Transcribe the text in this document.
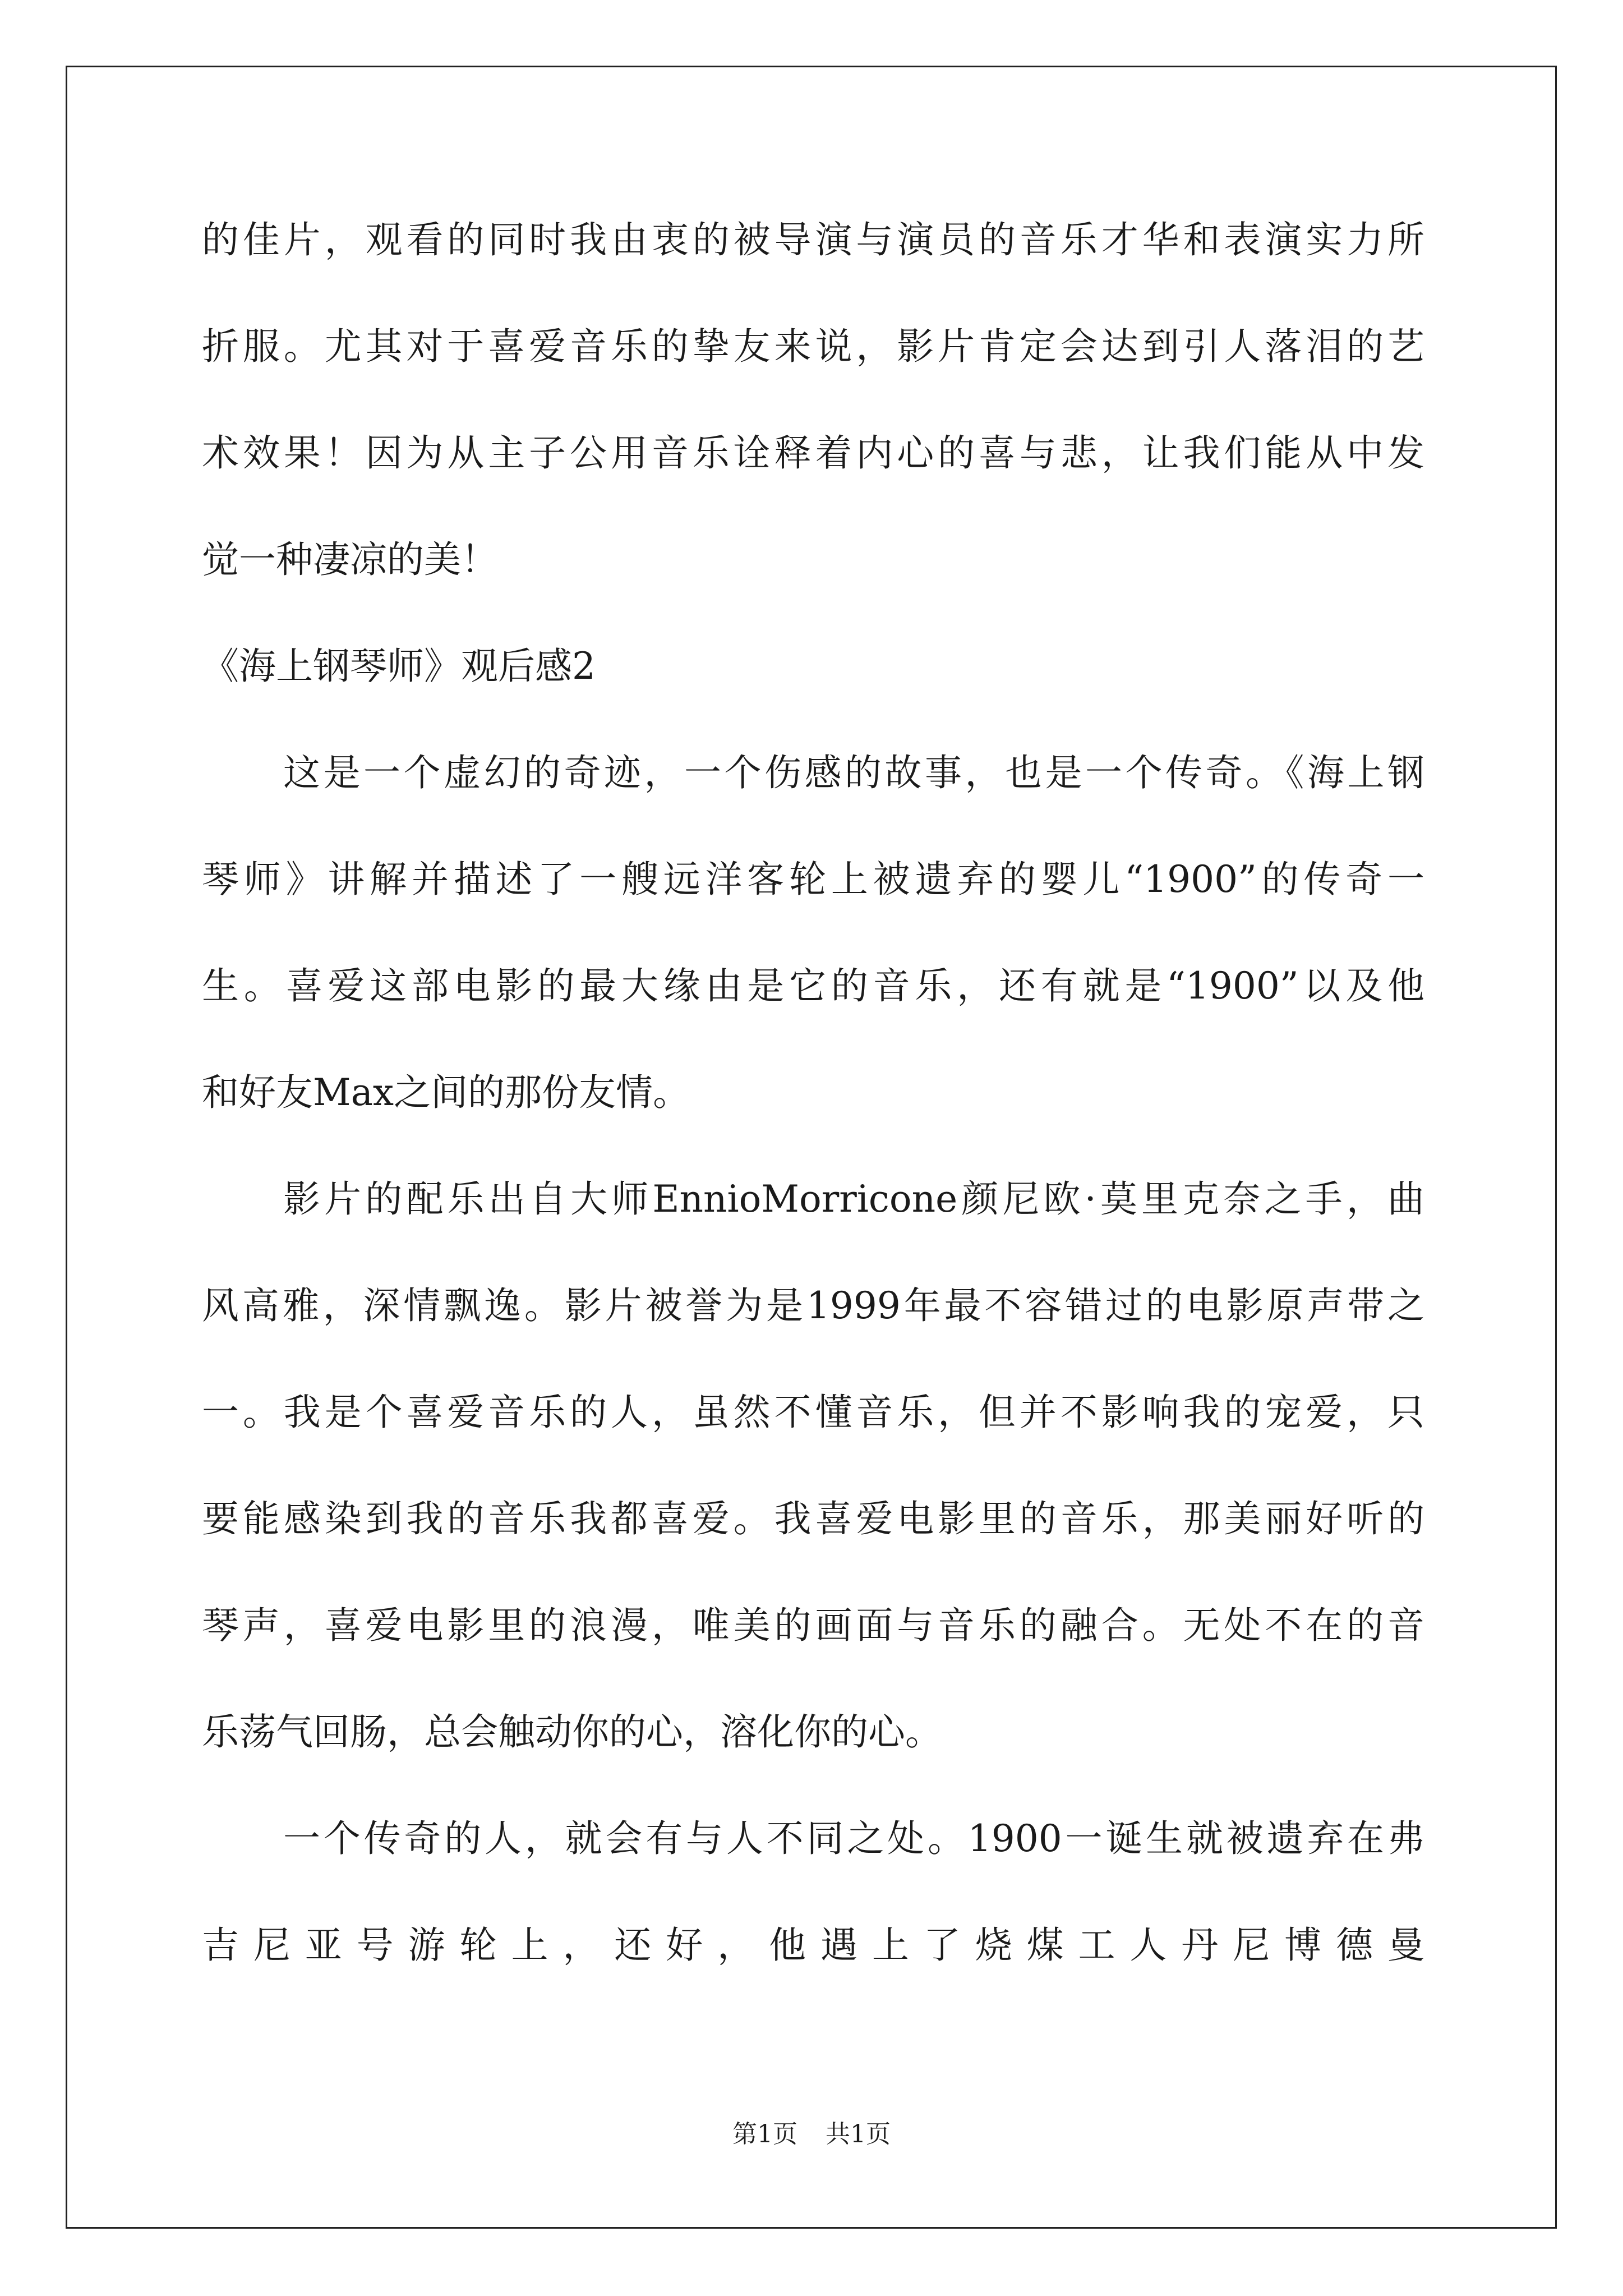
的佳片，观看的同时我由衷的被导演与演员的音乐才华和表演实力所
折服。尤其对于喜爱音乐的挚友来说，影片肯定会达到引人落泪的艺
术效果！因为从主子公用音乐诠释着内心的喜与悲，让我们能从中发
觉一种凄凉的美！
《海上钢琴师》观后感2
这是一个虚幻的奇迹，一个伤感的故事，也是一个传奇。《海上钢
琴师》讲解并描述了一艘远洋客轮上被遗弃的婴儿“1900”的传奇一
生。喜爱这部电影的最大缘由是它的音乐，还有就是“1900”以及他
和好友Max之间的那份友情。
影片的配乐出自大师EnnioMorricone颜尼欧·莫里克奈之手，曲
风高雅，深情飘逸。影片被誉为是1999年最不容错过的电影原声带之
一。我是个喜爱音乐的人，虽然不懂音乐，但并不影响我的宠爱，只
要能感染到我的音乐我都喜爱。我喜爱电影里的音乐，那美丽好听的
琴声，喜爱电影里的浪漫，唯美的画面与音乐的融合。无处不在的音
乐荡气回肠，总会触动你的心，溶化你的心。
一个传奇的人，就会有与人不同之处。1900一诞生就被遗弃在弗
吉尼亚号游轮上，还好，他遇上了烧煤工人丹尼博德曼
第1页 共1页
